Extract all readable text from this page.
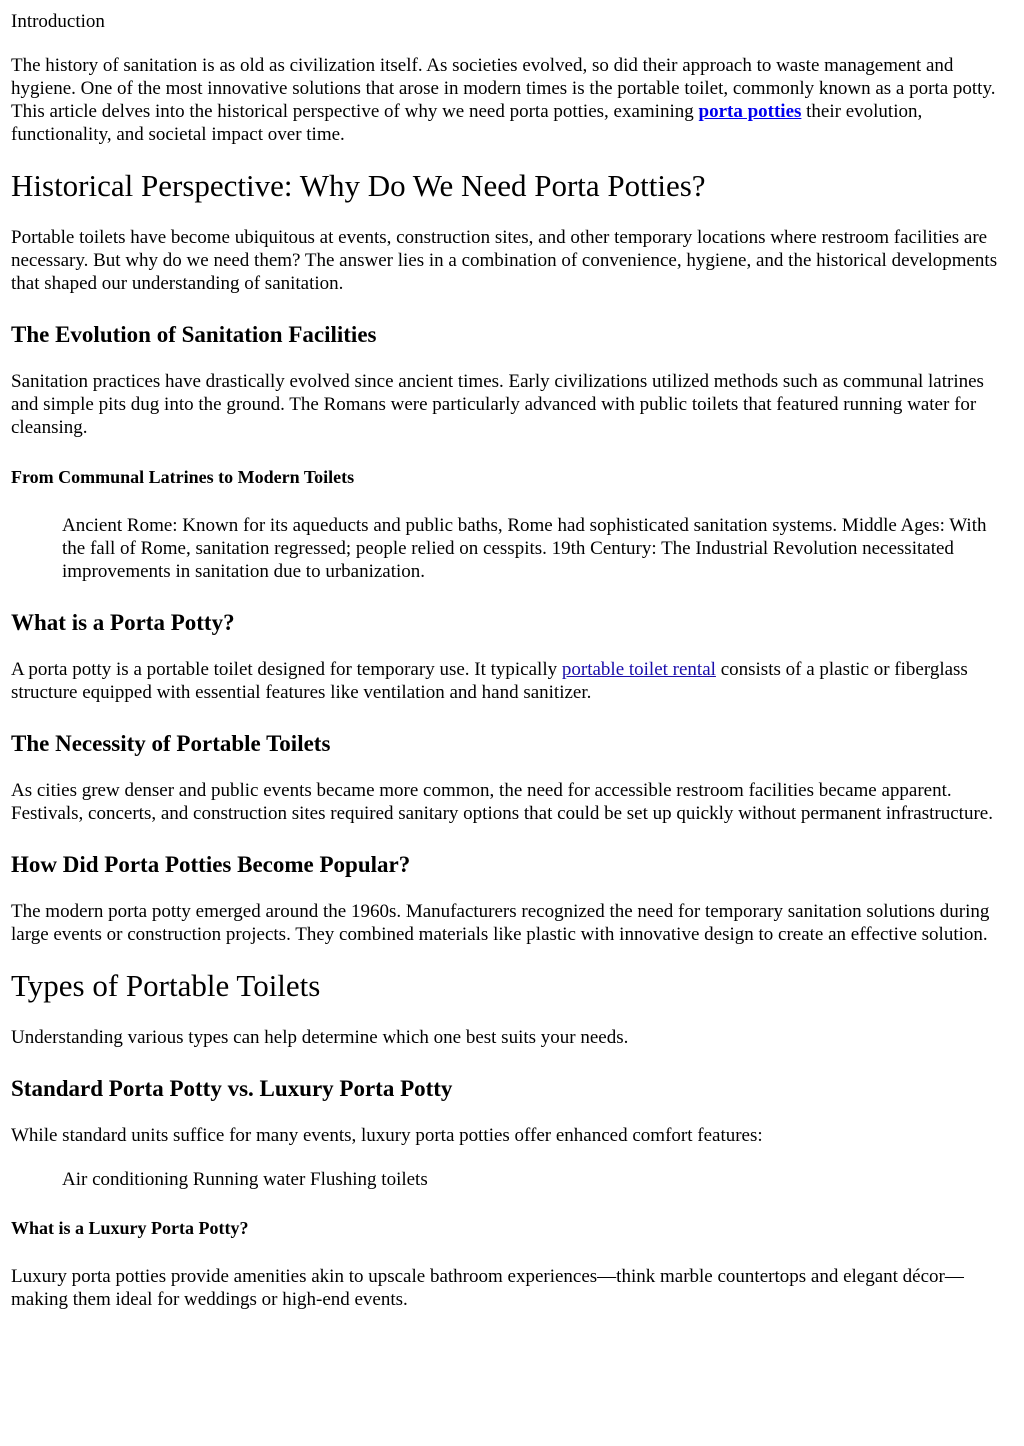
Introduction

The history of sanitation is as old as civilization itself. As societies evolved, so did their approach to waste management and hygiene. One of the most innovative solutions that arose in modern times is the portable toilet, commonly known as a porta potty. This article delves into the historical perspective of why we need porta potties, examining porta potties their evolution, functionality, and societal impact over time.

Historical Perspective: Why Do We Need Porta Potties?

Portable toilets have become ubiquitous at events, construction sites, and other temporary locations where restroom facilities are necessary. But why do we need them? The answer lies in a combination of convenience, hygiene, and the historical developments that shaped our understanding of sanitation.

The Evolution of Sanitation Facilities

Sanitation practices have drastically evolved since ancient times. Early civilizations utilized methods such as communal latrines and simple pits dug into the ground. The Romans were particularly advanced with public toilets that featured running water for cleansing.

From Communal Latrines to Modern Toilets

Ancient Rome: Known for its aqueducts and public baths, Rome had sophisticated sanitation systems. Middle Ages: With the fall of Rome, sanitation regressed; people relied on cesspits. 19th Century: The Industrial Revolution necessitated improvements in sanitation due to urbanization.

What is a Porta Potty?

A porta potty is a portable toilet designed for temporary use. It typically portable toilet rental consists of a plastic or fiberglass structure equipped with essential features like ventilation and hand sanitizer.

The Necessity of Portable Toilets

As cities grew denser and public events became more common, the need for accessible restroom facilities became apparent. Festivals, concerts, and construction sites required sanitary options that could be set up quickly without permanent infrastructure.

How Did Porta Potties Become Popular?

The modern porta potty emerged around the 1960s. Manufacturers recognized the need for temporary sanitation solutions during large events or construction projects. They combined materials like plastic with innovative design to create an effective solution.

Types of Portable Toilets

Understanding various types can help determine which one best suits your needs.

Standard Porta Potty vs. Luxury Porta Potty

While standard units suffice for many events, luxury porta potties offer enhanced comfort features:

Air conditioning Running water Flushing toilets

What is a Luxury Porta Potty?

Luxury porta potties provide amenities akin to upscale bathroom experiences—think marble countertops and elegant décor—making them ideal for weddings or high-end events.
